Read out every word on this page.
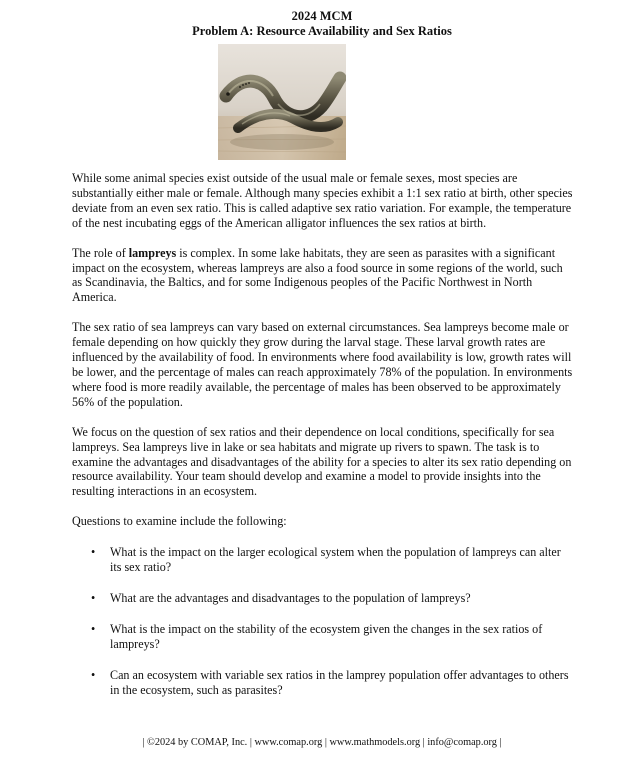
2024 MCM
Problem A: Resource Availability and Sex Ratios

While some animal species exist outside of the usual male or female sexes, most species are substantially either male or female. Although many species exhibit a 1:1 sex ratio at birth, other species deviate from an even sex ratio. This is called adaptive sex ratio variation. For example, the temperature of the nest incubating eggs of the American alligator influences the sex ratios at birth.

The role of lampreys is complex. In some lake habitats, they are seen as parasites with a significant impact on the ecosystem, whereas lampreys are also a food source in some regions of the world, such as Scandinavia, the Baltics, and for some Indigenous peoples of the Pacific Northwest in North America.

The sex ratio of sea lampreys can vary based on external circumstances. Sea lampreys become male or female depending on how quickly they grow during the larval stage. These larval growth rates are influenced by the availability of food. In environments where food availability is low, growth rates will be lower, and the percentage of males can reach approximately 78% of the population. In environments where food is more readily available, the percentage of males has been observed to be approximately 56% of the population.

We focus on the question of sex ratios and their dependence on local conditions, specifically for sea lampreys. Sea lampreys live in lake or sea habitats and migrate up rivers to spawn. The task is to examine the advantages and disadvantages of the ability for a species to alter its sex ratio depending on resource availability. Your team should develop and examine a model to provide insights into the resulting interactions in an ecosystem.

Questions to examine include the following:

• What is the impact on the larger ecological system when the population of lampreys can alter its sex ratio?
• What are the advantages and disadvantages to the population of lampreys?
• What is the impact on the stability of the ecosystem given the changes in the sex ratios of lampreys?
• Can an ecosystem with variable sex ratios in the lamprey population offer advantages to others in the ecosystem, such as parasites?
| ©2024 by COMAP, Inc. | www.comap.org | www.mathmodels.org | info@comap.org |
